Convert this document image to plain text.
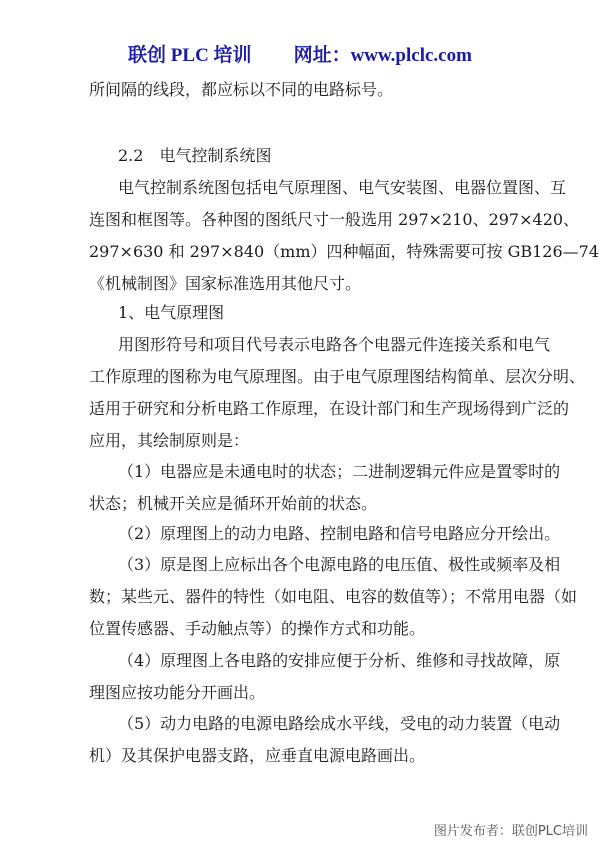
联创 PLC 培训 网址：www.plclc.com
所间隔的线段，都应标以不同的电路标号。
2.2　电气控制系统图
电气控制系统图包括电气原理图、电气安装图、电器位置图、互
连图和框图等。各种图的图纸尺寸一般选用 297×210、297×420、
297×630 和 297×840（mm）四种幅面，特殊需要可按 GB126—74
《机械制图》国家标准选用其他尺寸。
1、电气原理图
用图形符号和项目代号表示电路各个电器元件连接关系和电气
工作原理的图称为电气原理图。由于电气原理图结构简单、层次分明、
适用于研究和分析电路工作原理，在设计部门和生产现场得到广泛的
应用，其绘制原则是：
（1）电器应是未通电时的状态；二进制逻辑元件应是置零时的
状态；机械开关应是循环开始前的状态。
（2）原理图上的动力电路、控制电路和信号电路应分开绘出。
（3）原是图上应标出各个电源电路的电压值、极性或频率及相
数；某些元、器件的特性（如电阻、电容的数值等）；不常用电器（如
位置传感器、手动触点等）的操作方式和功能。
（4）原理图上各电路的安排应便于分析、维修和寻找故障，原
理图应按功能分开画出。
（5）动力电路的电源电路绘成水平线，受电的动力装置（电动
机）及其保护电器支路，应垂直电源电路画出。
图片发布者：联创PLC培训
